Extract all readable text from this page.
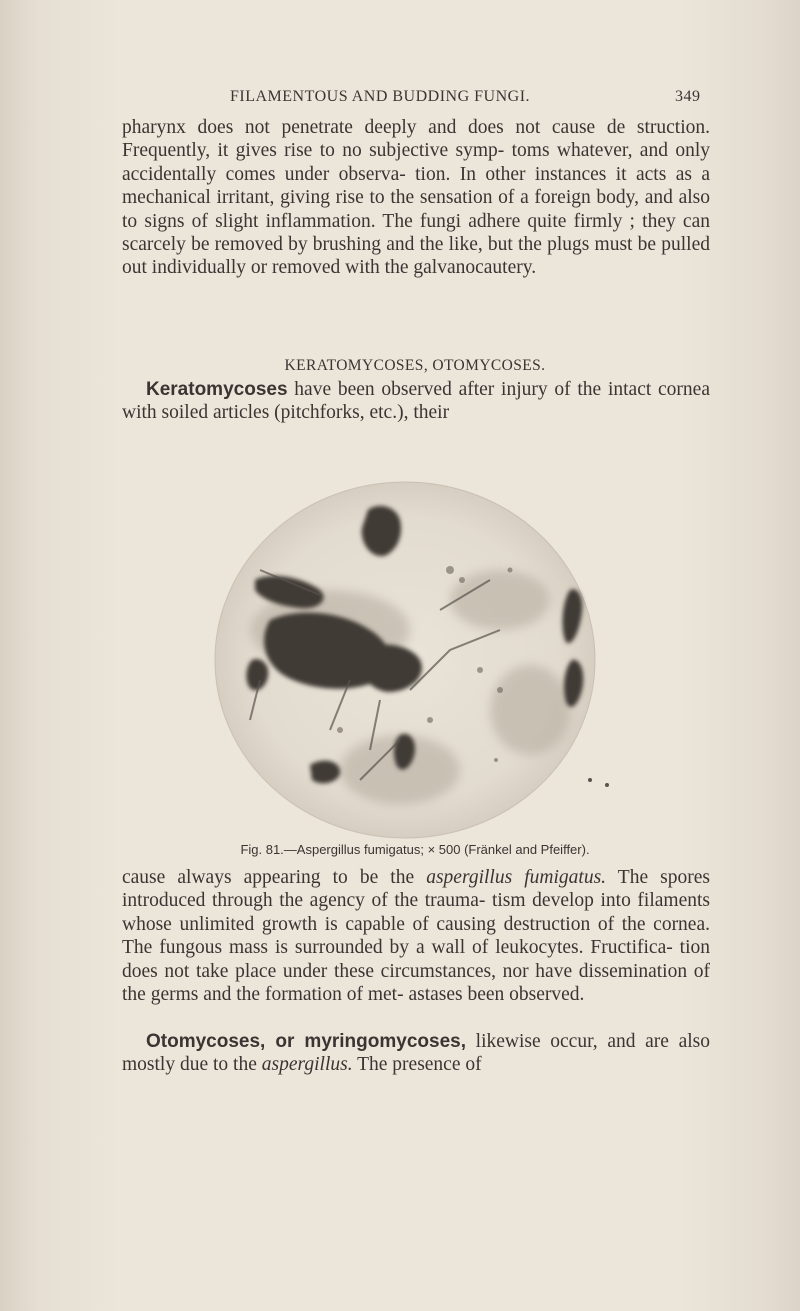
FILAMENTOUS AND BUDDING FUNGI.	349

pharynx does not penetrate deeply and does not cause de struction. Frequently, it gives rise to no subjective symp- toms whatever, and only accidentally comes under observa- tion. In other instances it acts as a mechanical irritant, giving rise to the sensation of a foreign body, and also to signs of slight inflammation. The fungi adhere quite firmly ; they can scarcely be removed by brushing and the like, but the plugs must be pulled out individually or removed with the galvanocautery.

KERATOMYCOSES, OTOMYCOSES.

Keratomycoses have been observed after injury of the intact cornea with soiled articles (pitchforks, etc.), their

Fig. 81.—Aspergillus fumigatus; × 500 (Fränkel and Pfeiffer).

cause always appearing to be the aspergillus fumigatus. The spores introduced through the agency of the trauma- tism develop into filaments whose unlimited growth is capable of causing destruction of the cornea. The fungous mass is surrounded by a wall of leukocytes. Fructifica- tion does not take place under these circumstances, nor have dissemination of the germs and the formation of met- astases been observed.

Otomycoses, or myringomycoses, likewise occur, and are also mostly due to the aspergillus. The presence of
